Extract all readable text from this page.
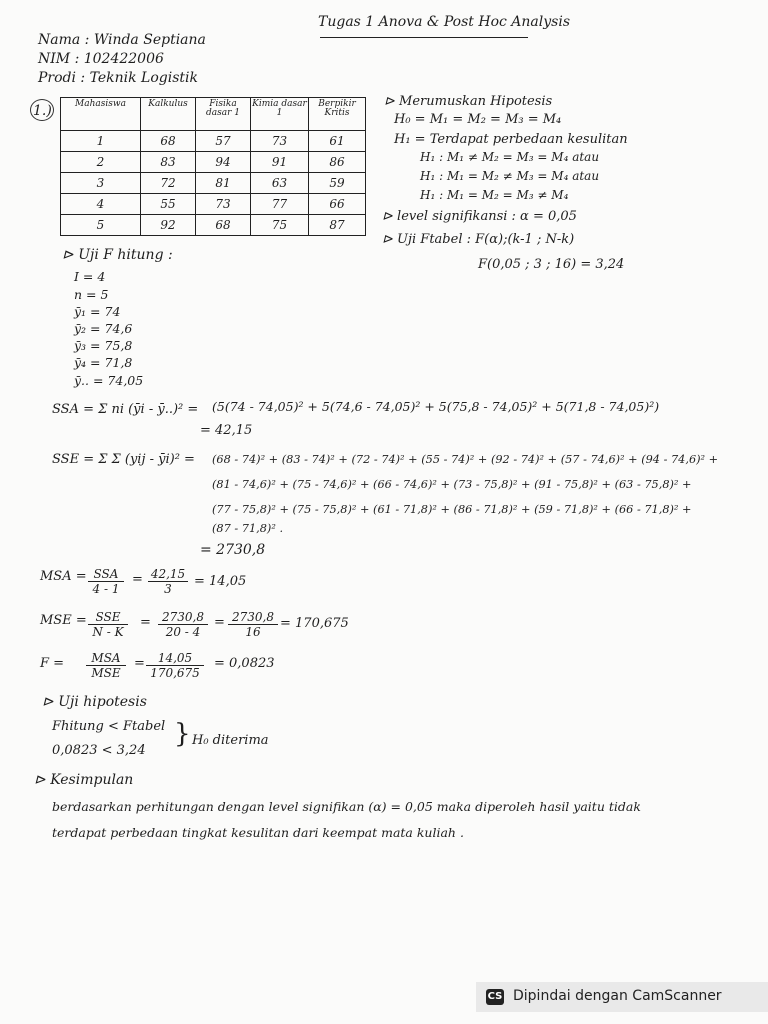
Tugas 1 Anova & Post Hoc Analysis
Nama : Winda Septiana
NIM : 102422006
Prodi : Teknik Logistik
1.)	Mahasiswa	Kalkulus	Fisika dasar 1	Kimia dasar 1	Berpikir Kritis
1	68	57	73	61
2	83	94	91	86
3	72	81	63	59
4	55	73	77	66
5	92	68	75	87
⊳ Merumuskan Hipotesis
H₀ = M₁ = M₂ = M₃ = M₄
H₁ = Terdapat perbedaan kesulitan
H₁ : M₁ ≠ M₂ = M₃ = M₄ atau
H₁ : M₁ = M₂ ≠ M₃ = M₄ atau
H₁ : M₁ = M₂ = M₃ ≠ M₄
⊳ level signifikansi : α = 0,05
⊳ Uji Ftabel : F(α);(k-1 ; N-k)
F(0,05 ; 3 ; 16) = 3,24
⊳ Uji F hitung :
I = 4
n = 5
ȳ₁ = 74
ȳ₂ = 74,6
ȳ₃ = 75,8
ȳ₄ = 71,8
ȳ.. = 74,05
SSA = Σ ni (ȳi - ȳ..)² = (5(74 - 74,05)² + 5(74,6 - 74,05)² + 5(75,8 - 74,05)² + 5(71,8 - 74,05)²)
= 42,15
SSE = Σ Σ (yij - ȳi)² = (68 - 74)² + (83 - 74)² + (72 - 74)² + (55 - 74)² + (92 - 74)² + (57 - 74,6)² + (94 - 74,6)² +
(81 - 74,6)² + (75 - 74,6)² + (66 - 74,6)² + (73 - 75,8)² + (91 - 75,8)² + (63 - 75,8)² +
(77 - 75,8)² + (75 - 75,8)² + (61 - 71,8)² + (86 - 71,8)² + (59 - 71,8)² + (66 - 71,8)² +
(87 - 71,8)² .
= 2730,8
MSA = SSA
4 - 1
= 42,15
3	= 14,05
MSE = SSE
N - K
= 2730,8
20 - 4
= 2730,8
16
= 170,675
F =	MSA
MSE
=	14,05
170,675
= 0,0823
⊳ Uji hipotesis
Fhitung < Ftabel
0,0823 < 3,24
} H₀ diterima
⊳ Kesimpulan
berdasarkan perhitungan dengan level signifikan (α) = 0,05 maka diperoleh hasil yaitu tidak
terdapat perbedaan tingkat kesulitan dari keempat mata kuliah .
CS Dipindai dengan CamScanner
